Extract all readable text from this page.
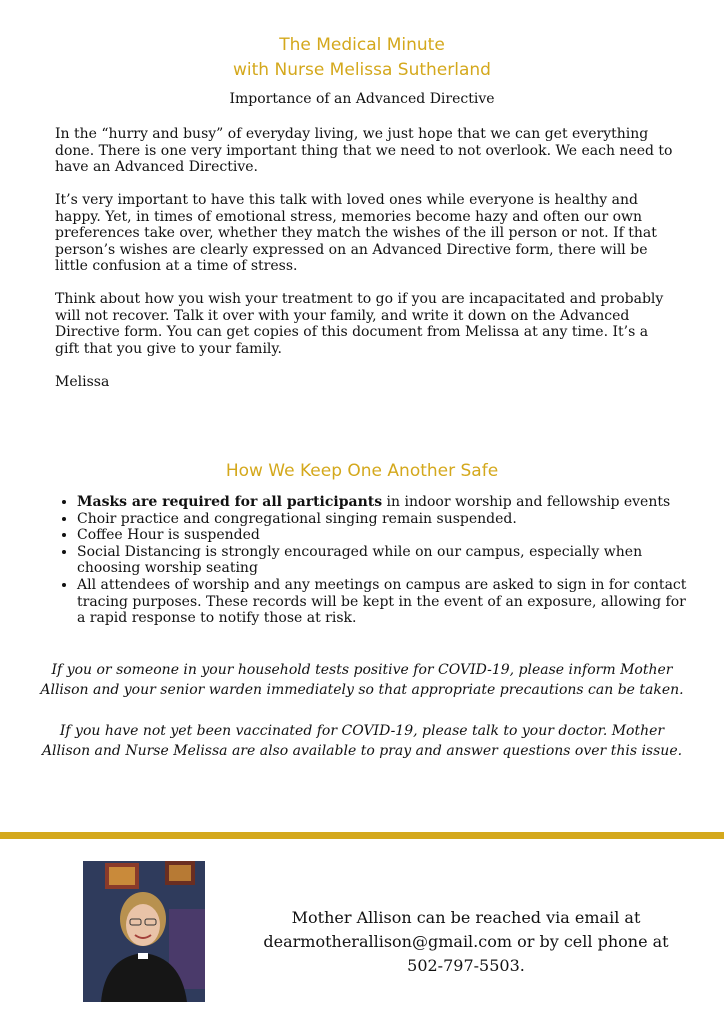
The Medical Minute
with Nurse Melissa Sutherland
Importance of an Advanced Directive

In the “hurry and busy” of everyday living, we just hope that we can get everything done. There is one very important thing that we need to not overlook. We each need to have an Advanced Directive.

It’s very important to have this talk with loved ones while everyone is healthy and happy. Yet, in times of emotional stress, memories become hazy and often our own preferences take over, whether they match the wishes of the ill person or not. If that person’s wishes are clearly expressed on an Advanced Directive form, there will be little confusion at a time of stress.

Think about how you wish your treatment to go if you are incapacitated and probably will not recover. Talk it over with your family, and write it down on the Advanced Directive form. You can get copies of this document from Melissa at any time. It’s a gift that you give to your family.

Melissa

How We Keep One Another Safe
• Masks are required for all participants in indoor worship and fellowship events
• Choir practice and congregational singing remain suspended.
• Coffee Hour is suspended
• Social Distancing is strongly encouraged while on our campus, especially when choosing worship seating
• All attendees of worship and any meetings on campus are asked to sign in for contact tracing purposes. These records will be kept in the event of an exposure, allowing for a rapid response to notify those at risk.
If you or someone in your household tests positive for COVID-19, please inform Mother Allison and your senior warden immediately so that appropriate precautions can be taken.
If you have not yet been vaccinated for COVID-19, please talk to your doctor. Mother Allison and Nurse Melissa are also available to pray and answer questions over this issue.
Mother Allison can be reached via email at
dearmotherallison@gmail.com or by cell phone at
502-797-5503.
